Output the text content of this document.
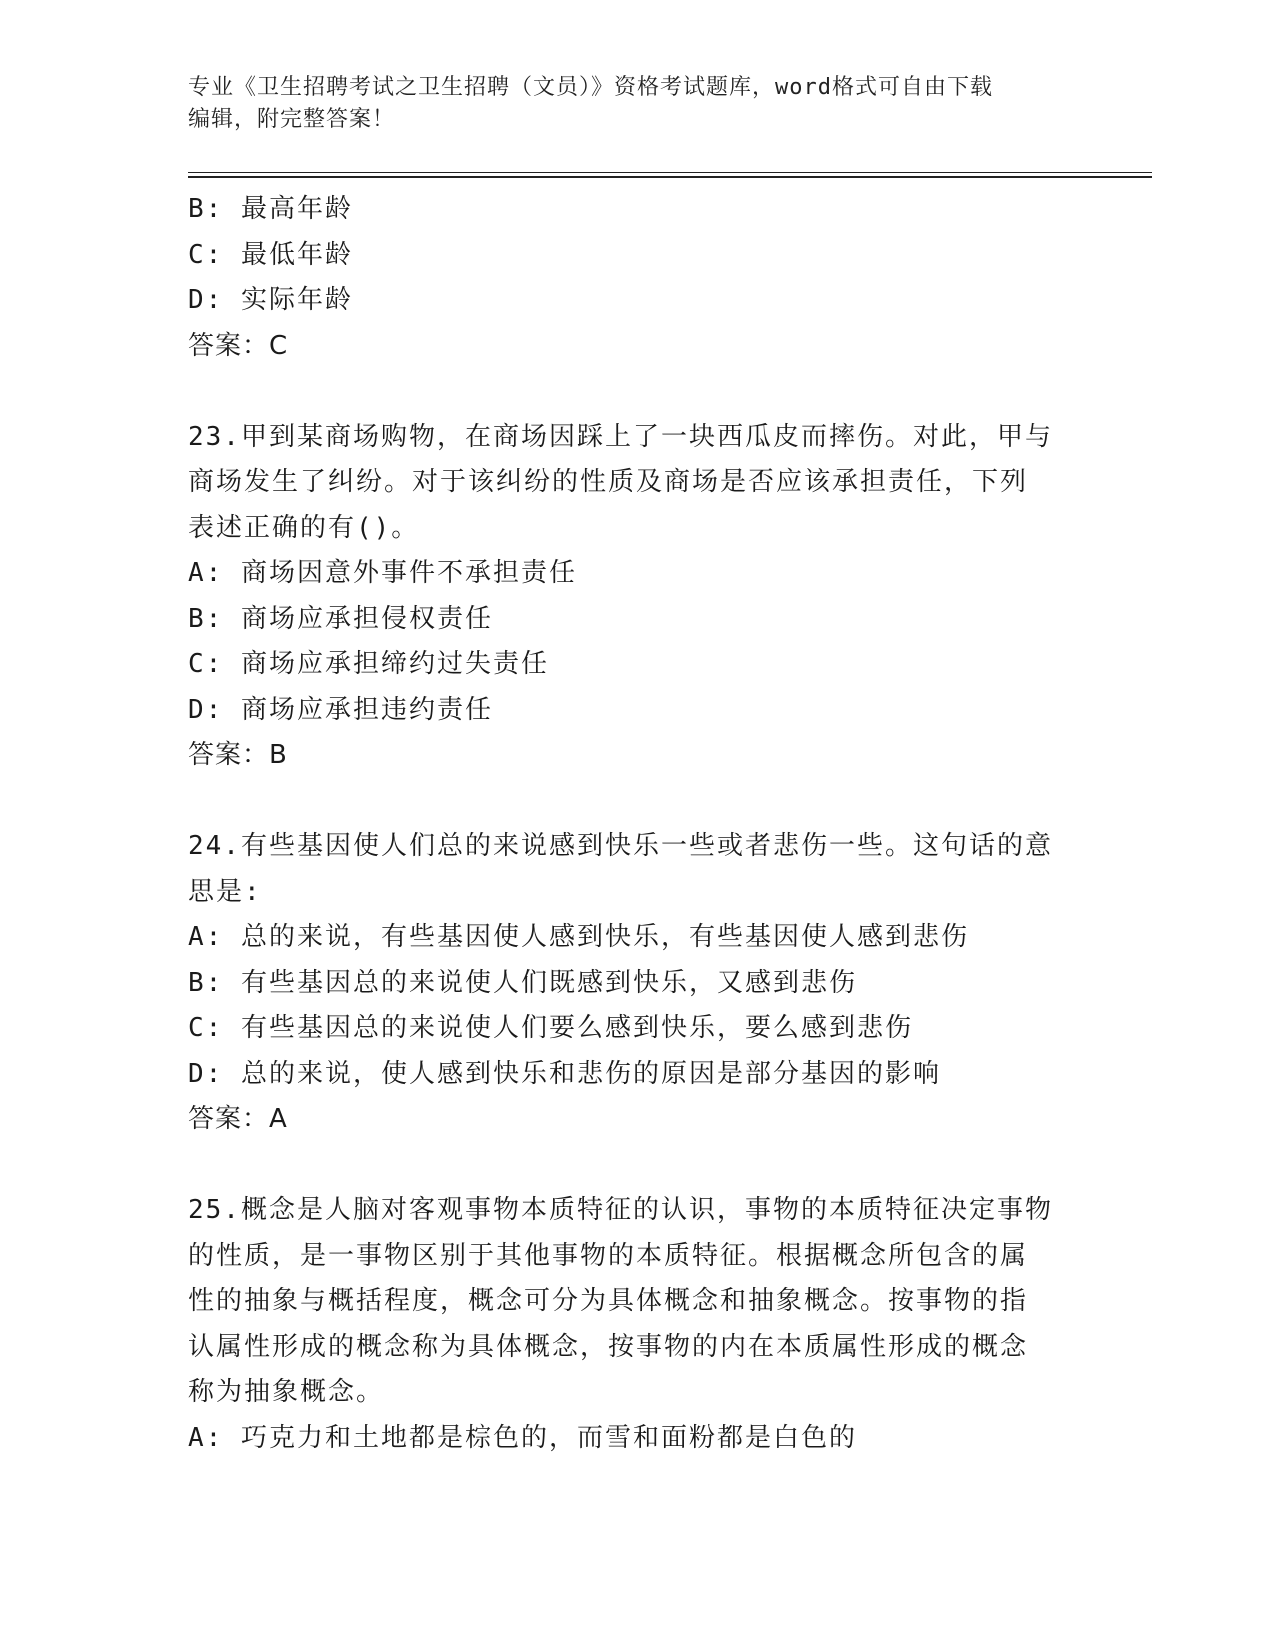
专业《卫生招聘考试之卫生招聘（文员）》资格考试题库，word格式可自由下载
编辑，附完整答案！
B: 最高年龄
C: 最低年龄
D: 实际年龄
答案：C
23.甲到某商场购物，在商场因踩上了一块西瓜皮而摔伤。对此，甲与
商场发生了纠纷。对于该纠纷的性质及商场是否应该承担责任，下列
表述正确的有()。
A: 商场因意外事件不承担责任
B: 商场应承担侵权责任
C: 商场应承担缔约过失责任
D: 商场应承担违约责任
答案：B
24.有些基因使人们总的来说感到快乐一些或者悲伤一些。这句话的意
思是:
A: 总的来说，有些基因使人感到快乐，有些基因使人感到悲伤
B: 有些基因总的来说使人们既感到快乐，又感到悲伤
C: 有些基因总的来说使人们要么感到快乐，要么感到悲伤
D: 总的来说，使人感到快乐和悲伤的原因是部分基因的影响
答案：A
25.概念是人脑对客观事物本质特征的认识，事物的本质特征决定事物
的性质，是一事物区别于其他事物的本质特征。根据概念所包含的属
性的抽象与概括程度，概念可分为具体概念和抽象概念。按事物的指
认属性形成的概念称为具体概念，按事物的内在本质属性形成的概念
称为抽象概念。
A: 巧克力和土地都是棕色的，而雪和面粉都是白色的
